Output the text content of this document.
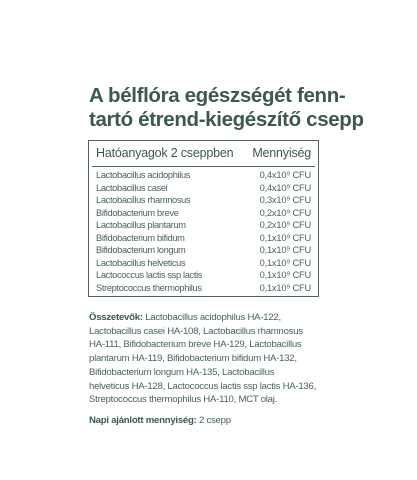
A bélflóra egészségét fenn-
tartó étrend-kiegészítő csepp
Hatóanyagok 2 cseppben Mennyiség
Lactobacillus acidophilus	0,4x10⁹ CFU
Lactobacillus casei	0,4x10⁹ CFU
Lactobacillus rhamnosus	0,3x10⁹ CFU
Bifidobacterium breve	0,2x10⁹ CFU
Lactobacillus plantarum	0,2x10⁹ CFU
Bifidobacterium bifidum	0,1x10⁹ CFU
Bifidobacterium longum	0,1x10⁹ CFU
Lactobacillus helveticus	0,1x10⁹ CFU
Lactococcus lactis ssp lactis	0,1x10⁹ CFU
Streptococcus thermophilus	0,1x10⁹ CFU
Összetevők: Lactobacillus acidophilus HA-122,
Lactobacillus casei HA-108, Lactobacillus rhamnosus
HA-111, Bifidobacterium breve HA-129, Lactobacillus
plantarum HA-119, Bifidobacterium bifidum HA-132,
Bifidobacterium longum HA-135, Lactobacillus
helveticus HA-128, Lactococcus lactis ssp lactis HA-136,
Streptococcus thermophilus HA-110, MCT olaj.
Napi ajánlott mennyiség: 2 csepp
